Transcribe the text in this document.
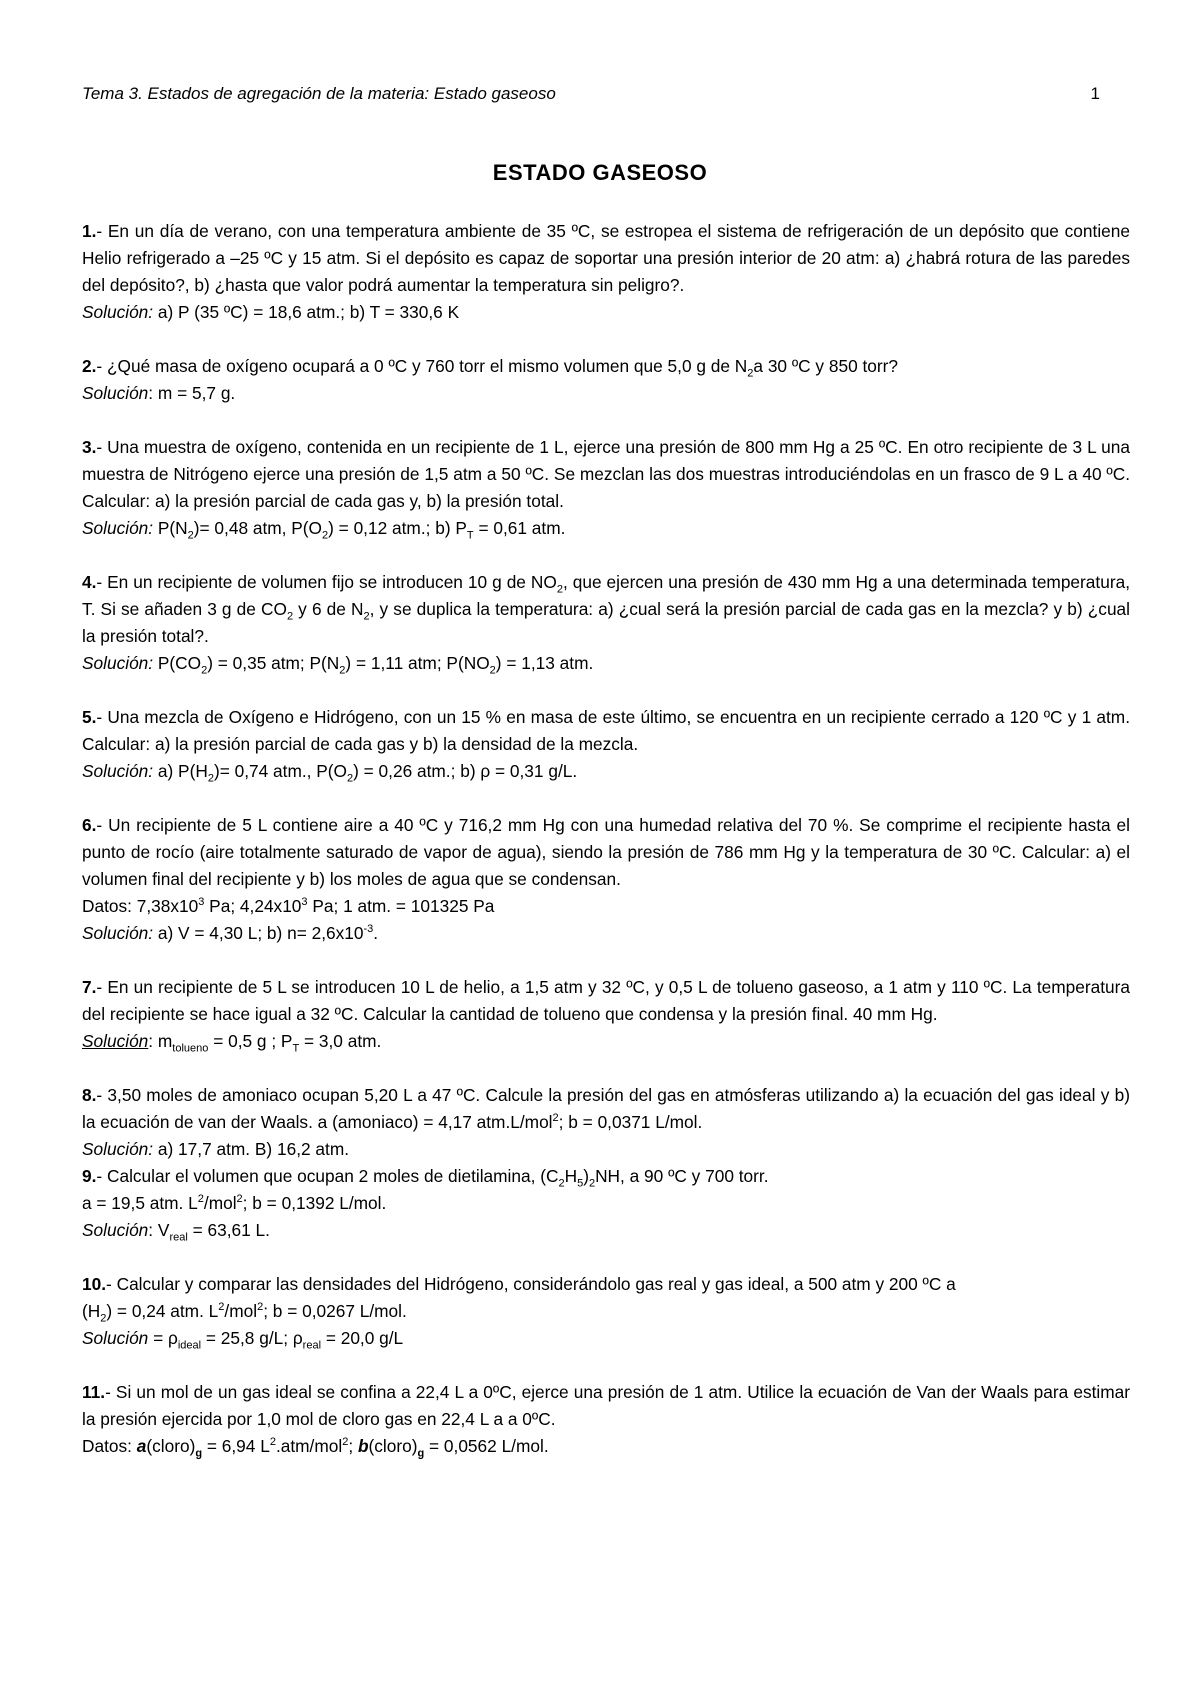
Tema 3. Estados de agregación de la materia: Estado gaseoso	1
ESTADO GASEOSO

1.- En un día de verano, con una temperatura ambiente de 35 ºC, se estropea el sistema de refrigeración de un depósito que contiene Helio refrigerado a –25 ºC y 15 atm. Si el depósito es capaz de soportar una presión interior de 20 atm: a) ¿habrá rotura de las paredes del depósito?, b) ¿hasta que valor podrá aumentar la temperatura sin peligro?.

Solución: a) P (35 ºC) = 18,6 atm.; b) T = 330,6 K
2.- ¿Qué masa de oxígeno ocupará a 0 ºC y 760 torr el mismo volumen que 5,0 g de $N_2a$ 30 ºC y 850 torr?
Solución: m = 5,7 g.

3.- Una muestra de oxígeno, contenida en un recipiente de 1 L, ejerce una presión de 800 mm Hg a 25 ºC. En otro recipiente de 3 L una muestra de Nitrógeno ejerce una presión de 1,5 atm a 50 ºC. Se mezclan las dos muestras introduciéndolas en un frasco de 9 L a 40 ºC. Calcular: a) la presión parcial de cada gas y, b) la presión total.

Solución: $P(N_2)= 0,48$ atm, $P(O_2) = 0,12$ atm.; b) $P_T = 0,61$ atm.

4.- En un recipiente de volumen fijo se introducen 10 g de $NO_2$, que ejercen una presión de 430 mm Hg a una determinada temperatura, T. Si se añaden 3 g de $CO_2$ y 6 de $N_2$, y se duplica la temperatura: a) ¿cual será la presión parcial de cada gas en la mezcla? y b) ¿cual la presión total?.

Solución: $P(CO_2) = 0,35$ atm; $P(N_2) = 1,11$ atm; $P(NO_2) = 1,13$ atm.

5.- Una mezcla de Oxígeno e Hidrógeno, con un 15 % en masa de este último, se encuentra en un recipiente cerrado a 120 ºC y 1 atm. Calcular: a) la presión parcial de cada gas y b) la densidad de la mezcla.

Solución: a) $P(H_2)= 0,74$ atm., $P(O_2) = 0,26$ atm.; b) ρ = 0,31 g/L.

6.- Un recipiente de 5 L contiene aire a 40 ºC y 716,2 mm Hg con una humedad relativa del 70 %. Se comprime el recipiente hasta el punto de rocío (aire totalmente saturado de vapor de agua), siendo la presión de 786 mm Hg y la temperatura de 30 ºC. Calcular: a) el volumen final del recipiente y b) los moles de agua que se condensan.

Datos: $7,38x10^3$ Pa; $4,24x10^3$ Pa; 1 atm. = 101325 Pa
Solución: a) V = 4,30 L; b) $n= 2,6x10^{-3}$.

7.- En un recipiente de 5 L se introducen 10 L de helio, a 1,5 atm y 32 ºC, y 0,5 L de tolueno gaseoso, a 1 atm y 110 ºC. La temperatura del recipiente se hace igual a 32 ºC. Calcular la cantidad de tolueno que condensa y la presión final. 40 mm Hg.

Solución: $m_{tolueno} = 0,5$ g ; $P_T = 3,0$ atm.

8.- 3,50 moles de amoniaco ocupan 5,20 L a 47 ºC. Calcule la presión del gas en atmósferas utilizando a) la ecuación del gas ideal y b) la ecuación de van der Waals. a (amoniaco) = 4,17 atm.L/mol$^2$; b = 0,0371 L/mol.

Solución: a) 17,7 atm. B) 16,2 atm.
9.- Calcular el volumen que ocupan 2 moles de dietilamina, $(C_2H_5)_2NH$, a 90 ºC y 700 torr.
a = 19,5 atm. $L^2/mol^2$; b = 0,1392 L/mol.
Solución: $V_{real} = 63,61$ L.

10.- Calcular y comparar las densidades del Hidrógeno, considerándolo gas real y gas ideal, a 500 atm y 200 ºC a

$(H_2) = 0,24$ atm. $L^2/mol^2$; b = 0,0267 L/mol.
Solución = $\rho_{ideal} = 25,8$ g/L; $\rho_{real} = 20,0$ g/L

11.- Si un mol de un gas ideal se confina a 22,4 L a 0ºC, ejerce una presión de 1 atm. Utilice la ecuación de Van der Waals para estimar la presión ejercida por 1,0 mol de cloro gas en 22,4 L a a 0ºC.

Datos: $a(cloro)_g = 6,94$ $L^2.atm/mol^2$; $b(cloro)_g = 0,0562$ L/mol.
